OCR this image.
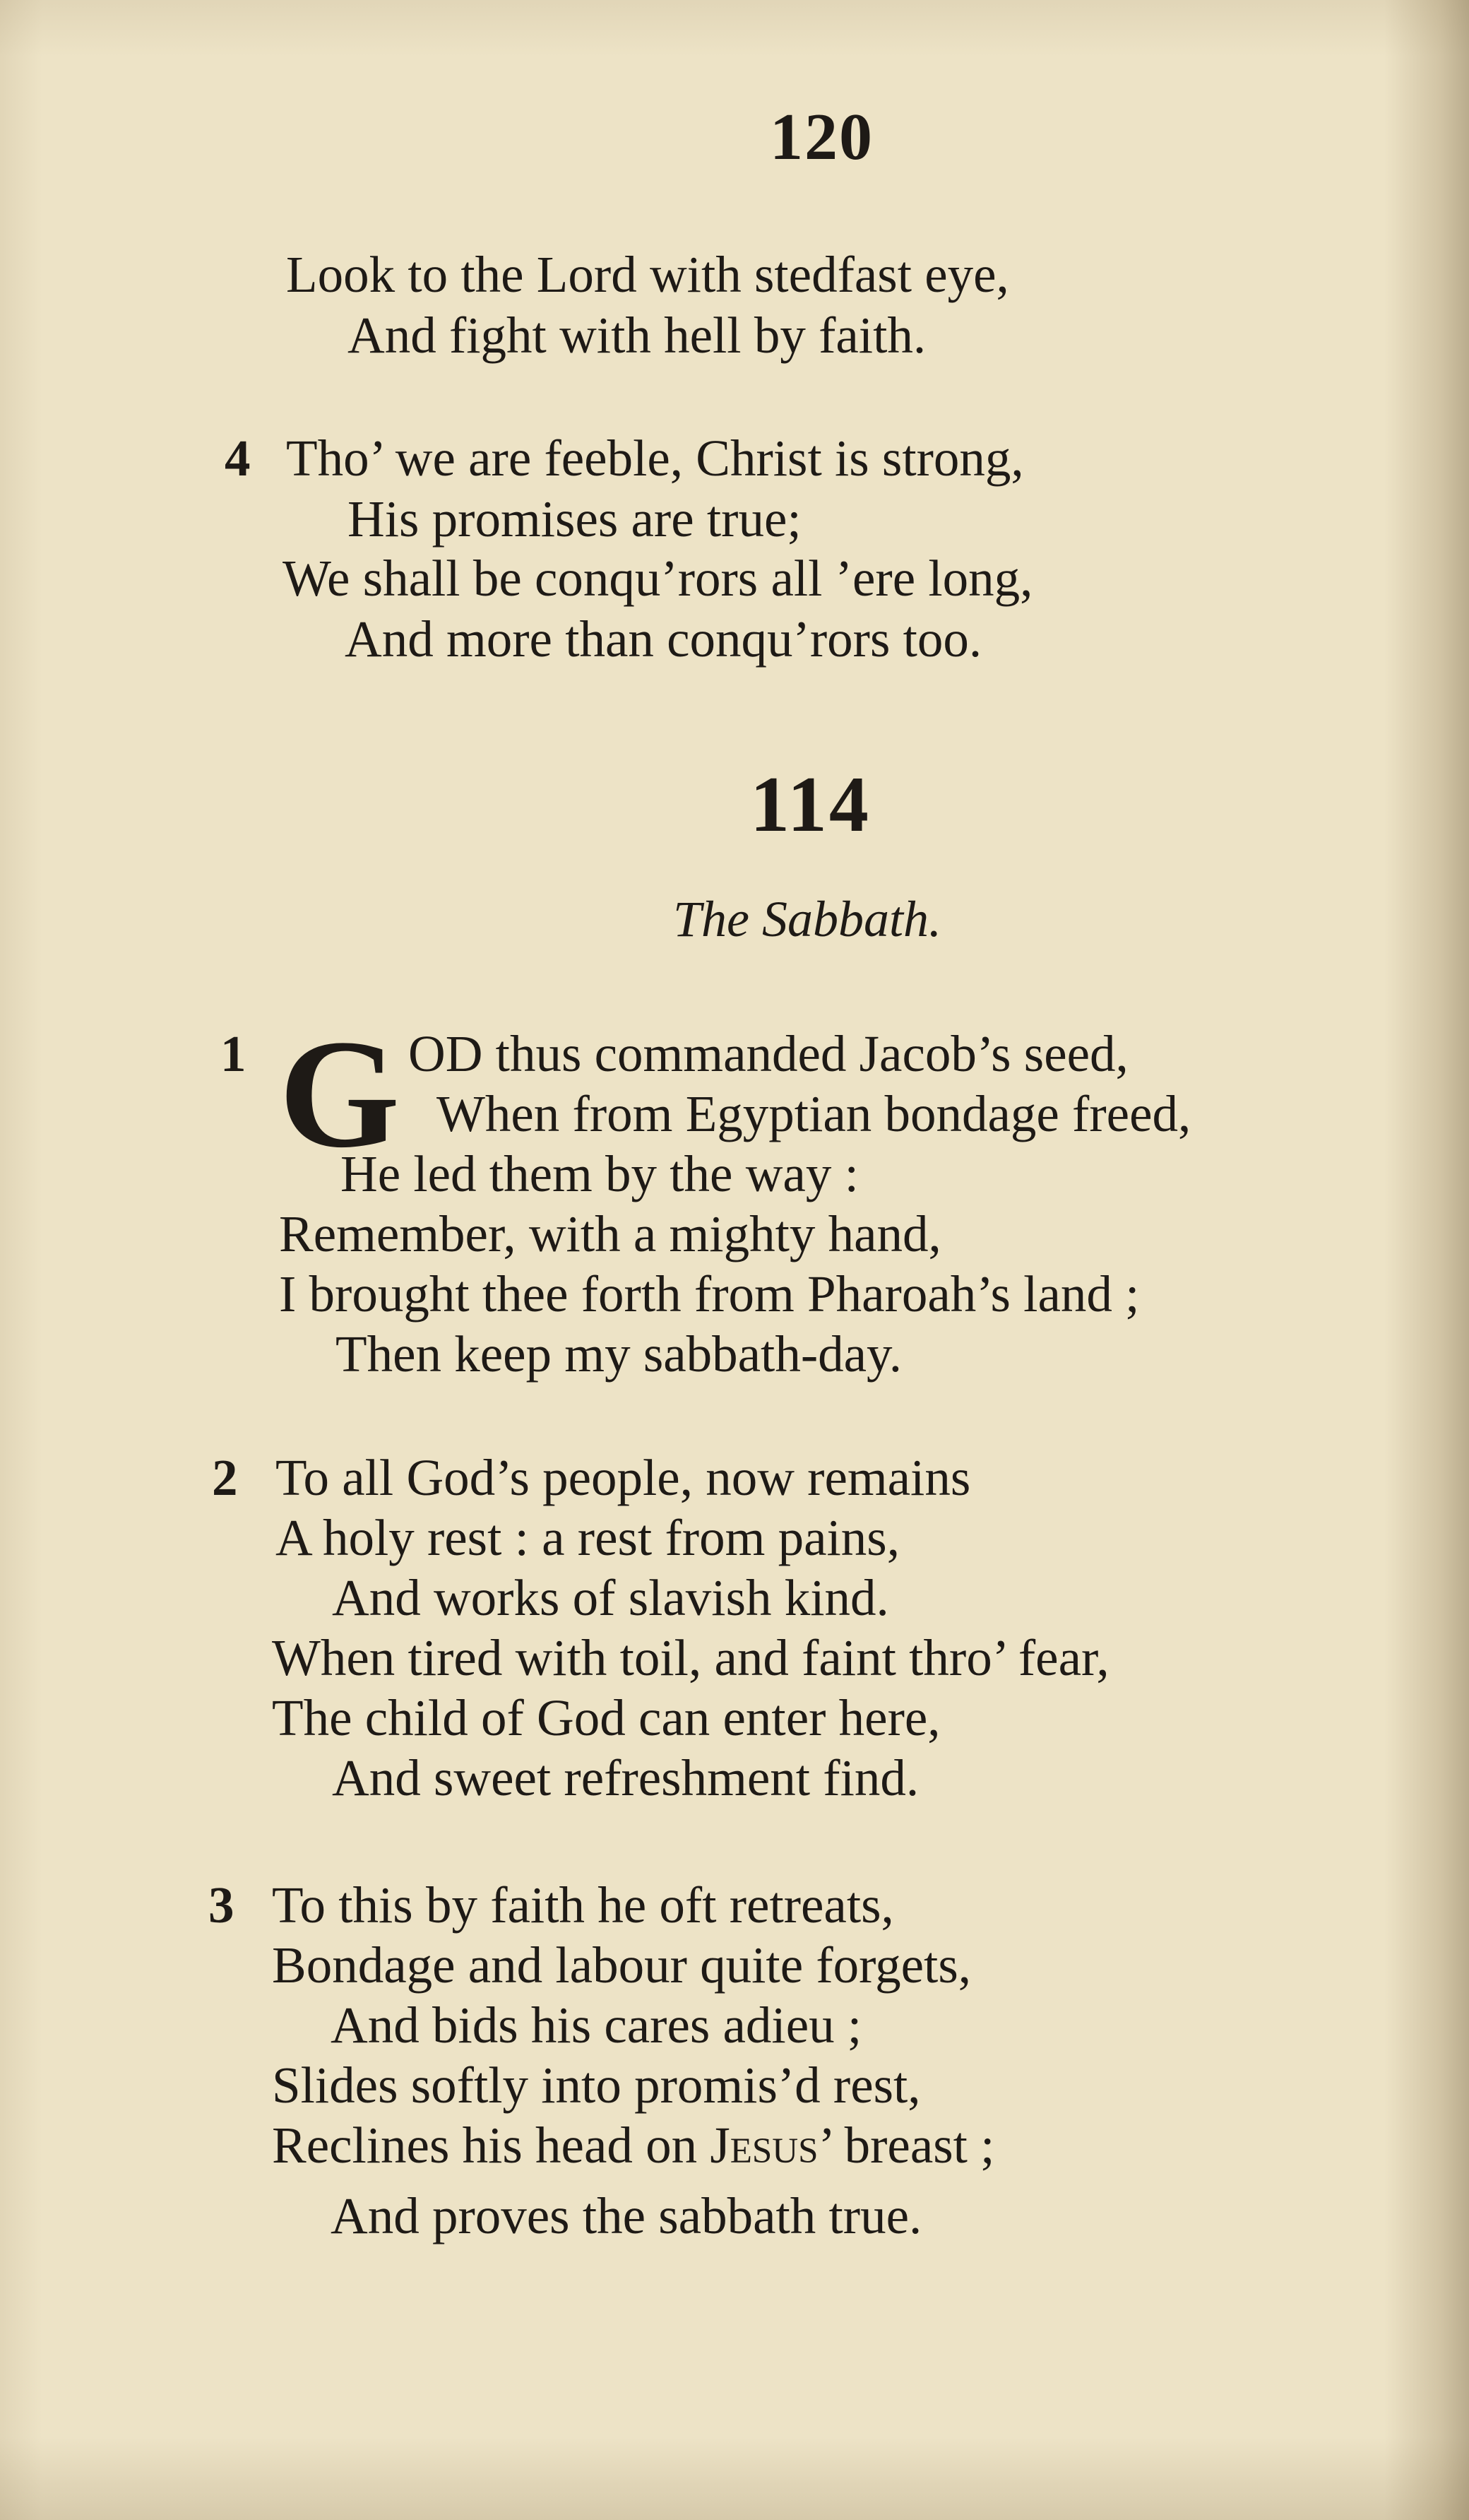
120
Look to the Lord with stedfast eye,
And fight with hell by faith.
4 Tho’ we are feeble, Christ is strong,
His promises are true;
We shall be conqu’rors all ’ere long,
And more than conqu’rors too.
114
The Sabbath.
1 G OD thus commanded Jacob’s seed,
When from Egyptian bondage freed,
He led them by the way :
Remember, with a mighty hand,
I brought thee forth from Pharoah’s land ;
Then keep my sabbath-day.
2 To all God’s people, now remains
A holy rest : a rest from pains,
And works of slavish kind.
When tired with toil, and faint thro’ fear,
The child of God can enter here,
And sweet refreshment find.
3 To this by faith he oft retreats,
Bondage and labour quite forgets,
And bids his cares adieu ;
Slides softly into promis’d rest,
Reclines his head on Jesus’ breast ;
And proves the sabbath true.
